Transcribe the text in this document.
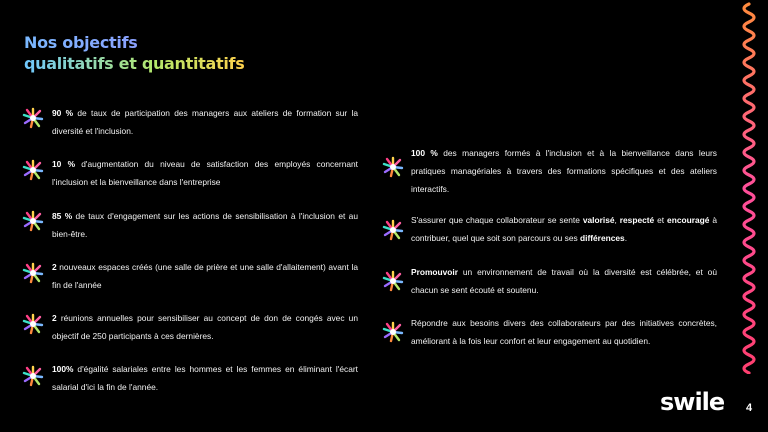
Nos objectifs
qualitatifs et quantitatifs
90 % de taux de participation des managers aux ateliers de formation sur la diversité et l'inclusion.
10 % d'augmentation du niveau de satisfaction des employés concernant l'inclusion et la bienveillance dans l'entreprise
85 % de taux d'engagement sur les actions de sensibilisation à l'inclusion et au bien-être.
2 nouveaux espaces créés (une salle de prière et une salle d'allaitement) avant la fin de l'année
2 réunions annuelles pour sensibiliser au concept de don de congés avec un objectif de 250 participants à ces dernières.
100% d'égalité salariales entre les hommes et les femmes en éliminant l'écart salarial d'ici la fin de l'année.
100 % des managers formés à l'inclusion et à la bienveillance dans leurs pratiques managériales à travers des formations spécifiques et des ateliers interactifs.
S'assurer que chaque collaborateur se sente valorisé, respecté et encouragé à contribuer, quel que soit son parcours ou ses différences.
Promouvoir un environnement de travail où la diversité est célébrée, et où chacun se sent écouté et soutenu.
Répondre aux besoins divers des collaborateurs par des initiatives concrètes, améliorant à la fois leur confort et leur engagement au quotidien.
swile 4
